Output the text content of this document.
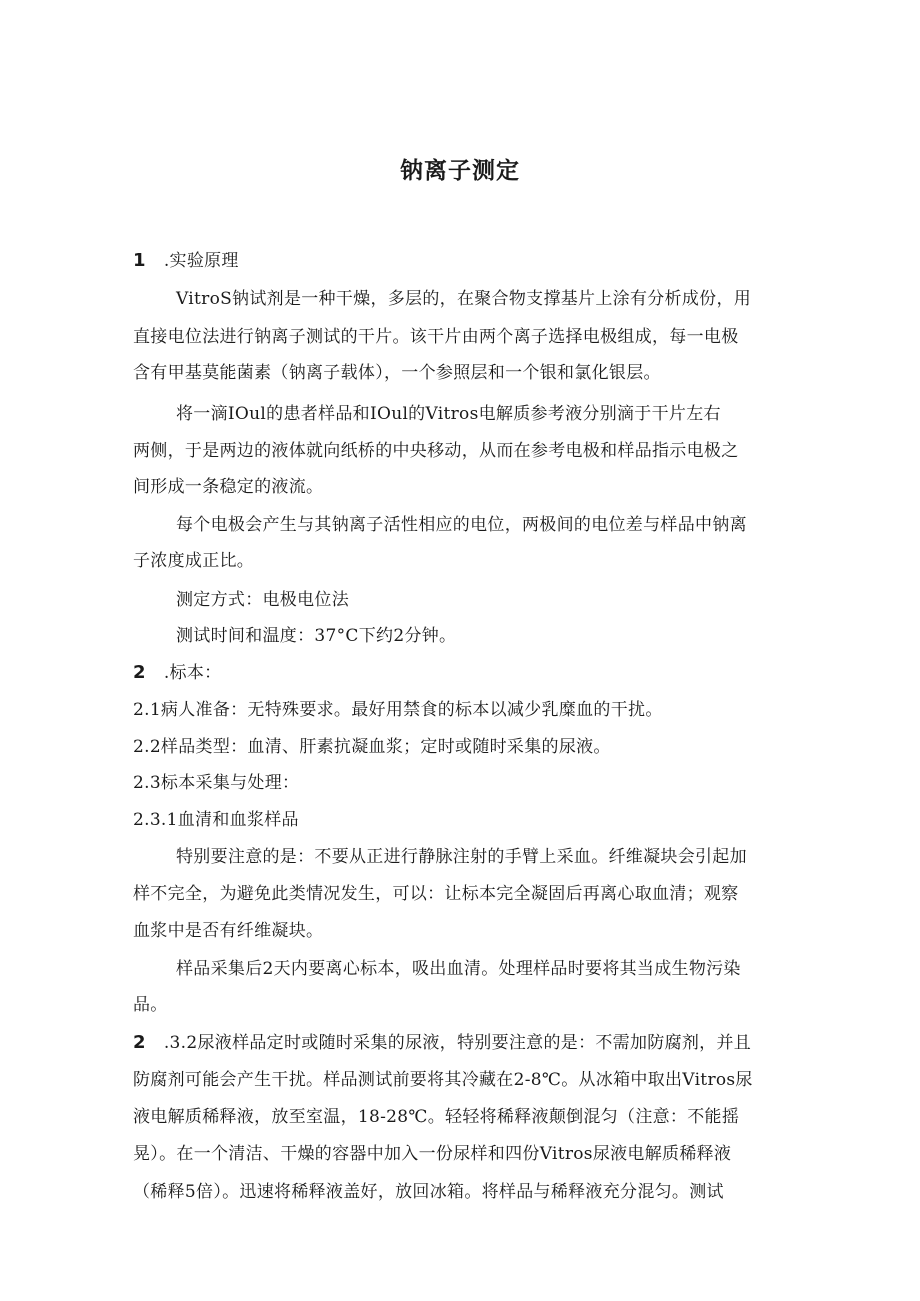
钠离子测定
1 .实验原理
VitroS钠试剂是一种干燥，多层的，在聚合物支撑基片上涂有分析成份，用
直接电位法进行钠离子测试的干片。该干片由两个离子选择电极组成，每一电极
含有甲基莫能菌素（钠离子载体），一个参照层和一个银和氯化银层。
将一滴IOul的患者样品和IOul的Vitros电解质参考液分别滴于干片左右
两侧，于是两边的液体就向纸桥的中央移动，从而在参考电极和样品指示电极之
间形成一条稳定的液流。
每个电极会产生与其钠离子活性相应的电位，两极间的电位差与样品中钠离
子浓度成正比。
测定方式：电极电位法
测试时间和温度：37°C下约2分钟。
2 .标本：
2.1病人准备：无特殊要求。最好用禁食的标本以减少乳糜血的干扰。
2.2样品类型：血清、肝素抗凝血浆；定时或随时采集的尿液。
2.3标本采集与处理：
2.3.1血清和血浆样品
特别要注意的是：不要从正进行静脉注射的手臂上采血。纤维凝块会引起加
样不完全，为避免此类情况发生，可以：让标本完全凝固后再离心取血清；观察
血浆中是否有纤维凝块。
样品采集后2天内要离心标本，吸出血清。处理样品时要将其当成生物污染
品。
2 .3.2尿液样品定时或随时采集的尿液，特别要注意的是：不需加防腐剂，并且
防腐剂可能会产生干扰。样品测试前要将其冷藏在2-8℃。从冰箱中取出Vitros尿
液电解质稀释液，放至室温，18-28℃。轻轻将稀释液颠倒混匀（注意：不能摇
晃）。在一个清洁、干燥的容器中加入一份尿样和四份Vitros尿液电解质稀释液
（稀释5倍）。迅速将稀释液盖好，放回冰箱。将样品与稀释液充分混匀。测试
